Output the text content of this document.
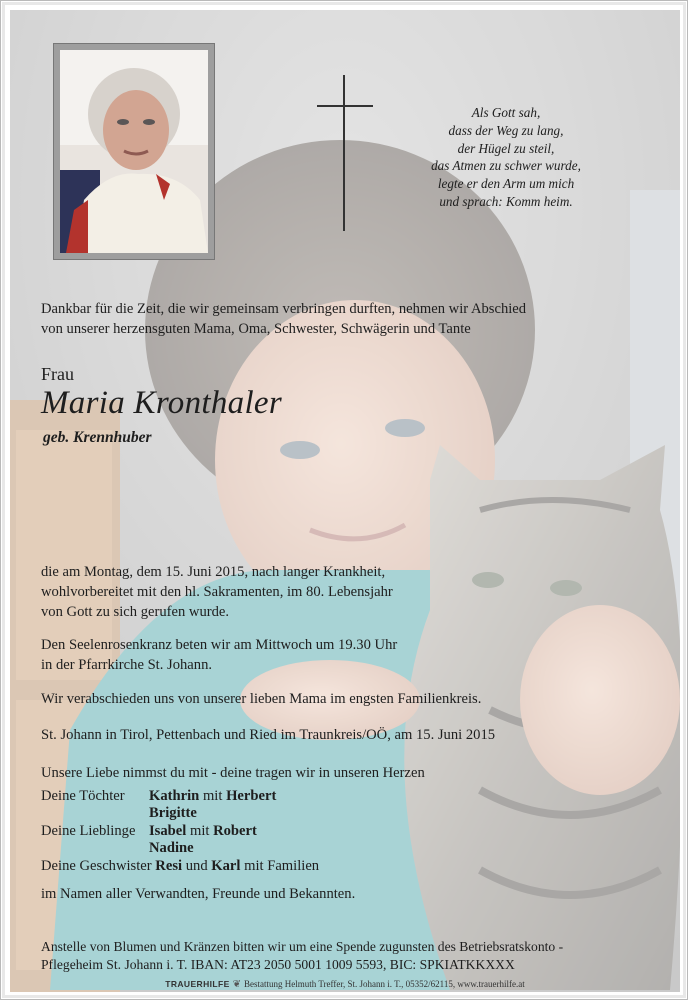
Als Gott sah,
dass der Weg zu lang,
der Hügel zu steil,
das Atmen zu schwer wurde,
legte er den Arm um mich
und sprach: Komm heim.
Dankbar für die Zeit, die wir gemeinsam verbringen durften, nehmen wir Abschied
von unserer herzensguten Mama, Oma, Schwester, Schwägerin und Tante
Frau
Maria Kronthaler
geb. Krennhuber
die am Montag, dem 15. Juni 2015, nach langer Krankheit,
wohlvorbereitet mit den hl. Sakramenten, im 80. Lebensjahr
von Gott zu sich gerufen wurde.
Den Seelenrosenkranz beten wir am Mittwoch um 19.30 Uhr
in der Pfarrkirche St. Johann.
Wir verabschieden uns von unserer lieben Mama im engsten Familienkreis.
St. Johann in Tirol, Pettenbach und Ried im Traunkreis/OÖ, am 15. Juni 2015
Unsere Liebe nimmst du mit - deine tragen wir in unseren Herzen
Deine Töchter Kathrin mit Herbert
Brigitte
Deine Lieblinge Isabel mit Robert
Nadine
Deine Geschwister Resi und Karl mit Familien
im Namen aller Verwandten, Freunde und Bekannten.
Anstelle von Blumen und Kränzen bitten wir um eine Spende zugunsten des Betriebsratskonto -
Pflegeheim St. Johann i. T. IBAN: AT23 2050 5001 1009 5593, BIC: SPKIATKKXXX
TRAUERHILFE ❦ Bestattung Helmuth Treffer, St. Johann i. T., 05352/62115, www.trauerhilfe.at
